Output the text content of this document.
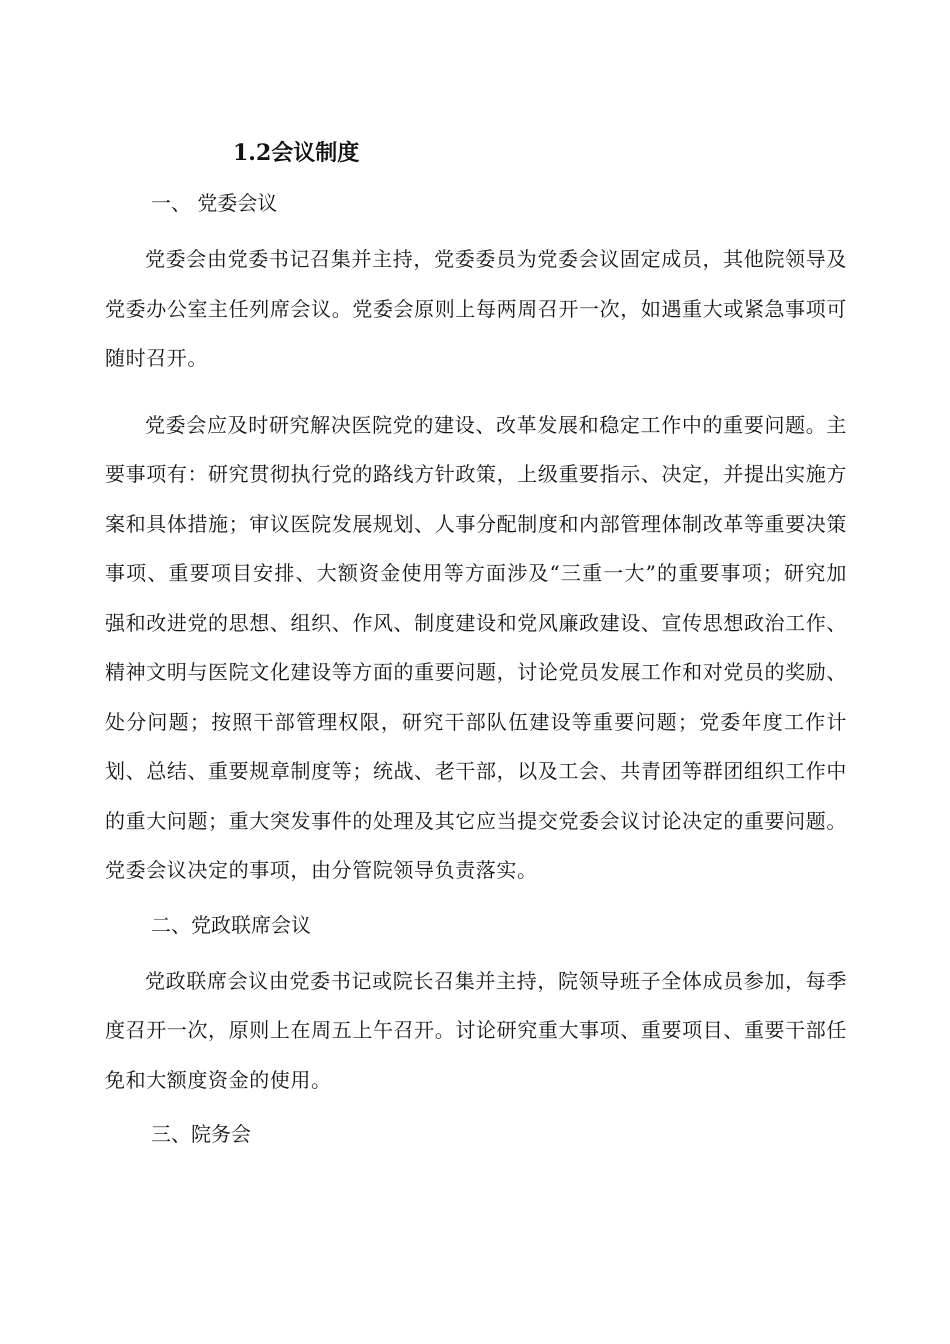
1.2会议制度
一、 党委会议

党委会由党委书记召集并主持，党委委员为党委会议固定成员，其他院领导及党委办公室主任列席会议。党委会原则上每两周召开一次，如遇重大或紧急事项可随时召开。

党委会应及时研究解决医院党的建设、改革发展和稳定工作中的重要问题。主要事项有：研究贯彻执行党的路线方针政策，上级重要指示、决定，并提出实施方案和具体措施；审议医院发展规划、人事分配制度和内部管理体制改革等重要决策事项、重要项目安排、大额资金使用等方面涉及“三重一大”的重要事项；研究加强和改进党的思想、组织、作风、制度建设和党风廉政建设、宣传思想政治工作、精神文明与医院文化建设等方面的重要问题，讨论党员发展工作和对党员的奖励、处分问题；按照干部管理权限，研究干部队伍建设等重要问题；党委年度工作计划、总结、重要规章制度等；统战、老干部，以及工会、共青团等群团组织工作中的重大问题；重大突发事件的处理及其它应当提交党委会议讨论决定的重要问题。党委会议决定的事项，由分管院领导负责落实。

二、党政联席会议

党政联席会议由党委书记或院长召集并主持，院领导班子全体成员参加，每季度召开一次，原则上在周五上午召开。讨论研究重大事项、重要项目、重要干部任免和大额度资金的使用。

三、院务会
